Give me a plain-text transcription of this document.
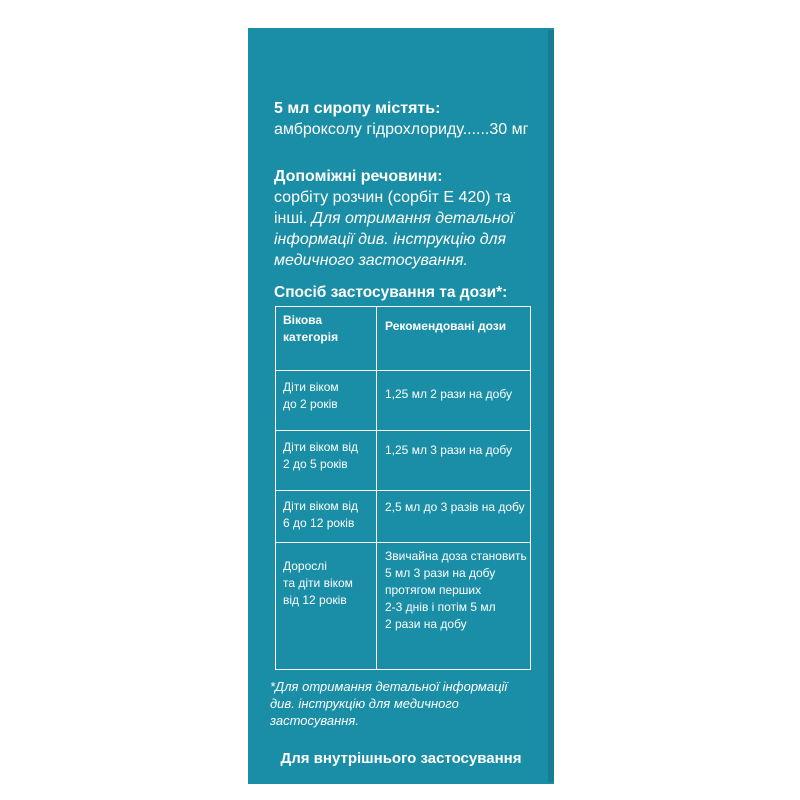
5 мл сиропу містять:
амброксолу гідрохлориду......30 мг
Допоміжні речовини:
сорбіту розчин (сорбіт Е 420) та
інші. Для отримання детальної
інформації див. інструкцію для
медичного застосування.
Спосіб застосування та дози*:
Вікова
категорія
Рекомендовані дози
Діти віком
до 2 років
1,25 мл 2 рази на добу
Діти віком від
2 до 5 років
1,25 мл 3 рази на добу
Діти віком від
6 до 12 років
2,5 мл до 3 разів на добу
Дорослі
та діти віком
від 12 років
Звичайна доза становить
5 мл 3 рази на добу
протягом перших
2-3 днів і потім 5 мл
2 рази на добу
*Для отримання детальної інформації
див. інструкцію для медичного
застосування.
Для внутрішнього застосування
